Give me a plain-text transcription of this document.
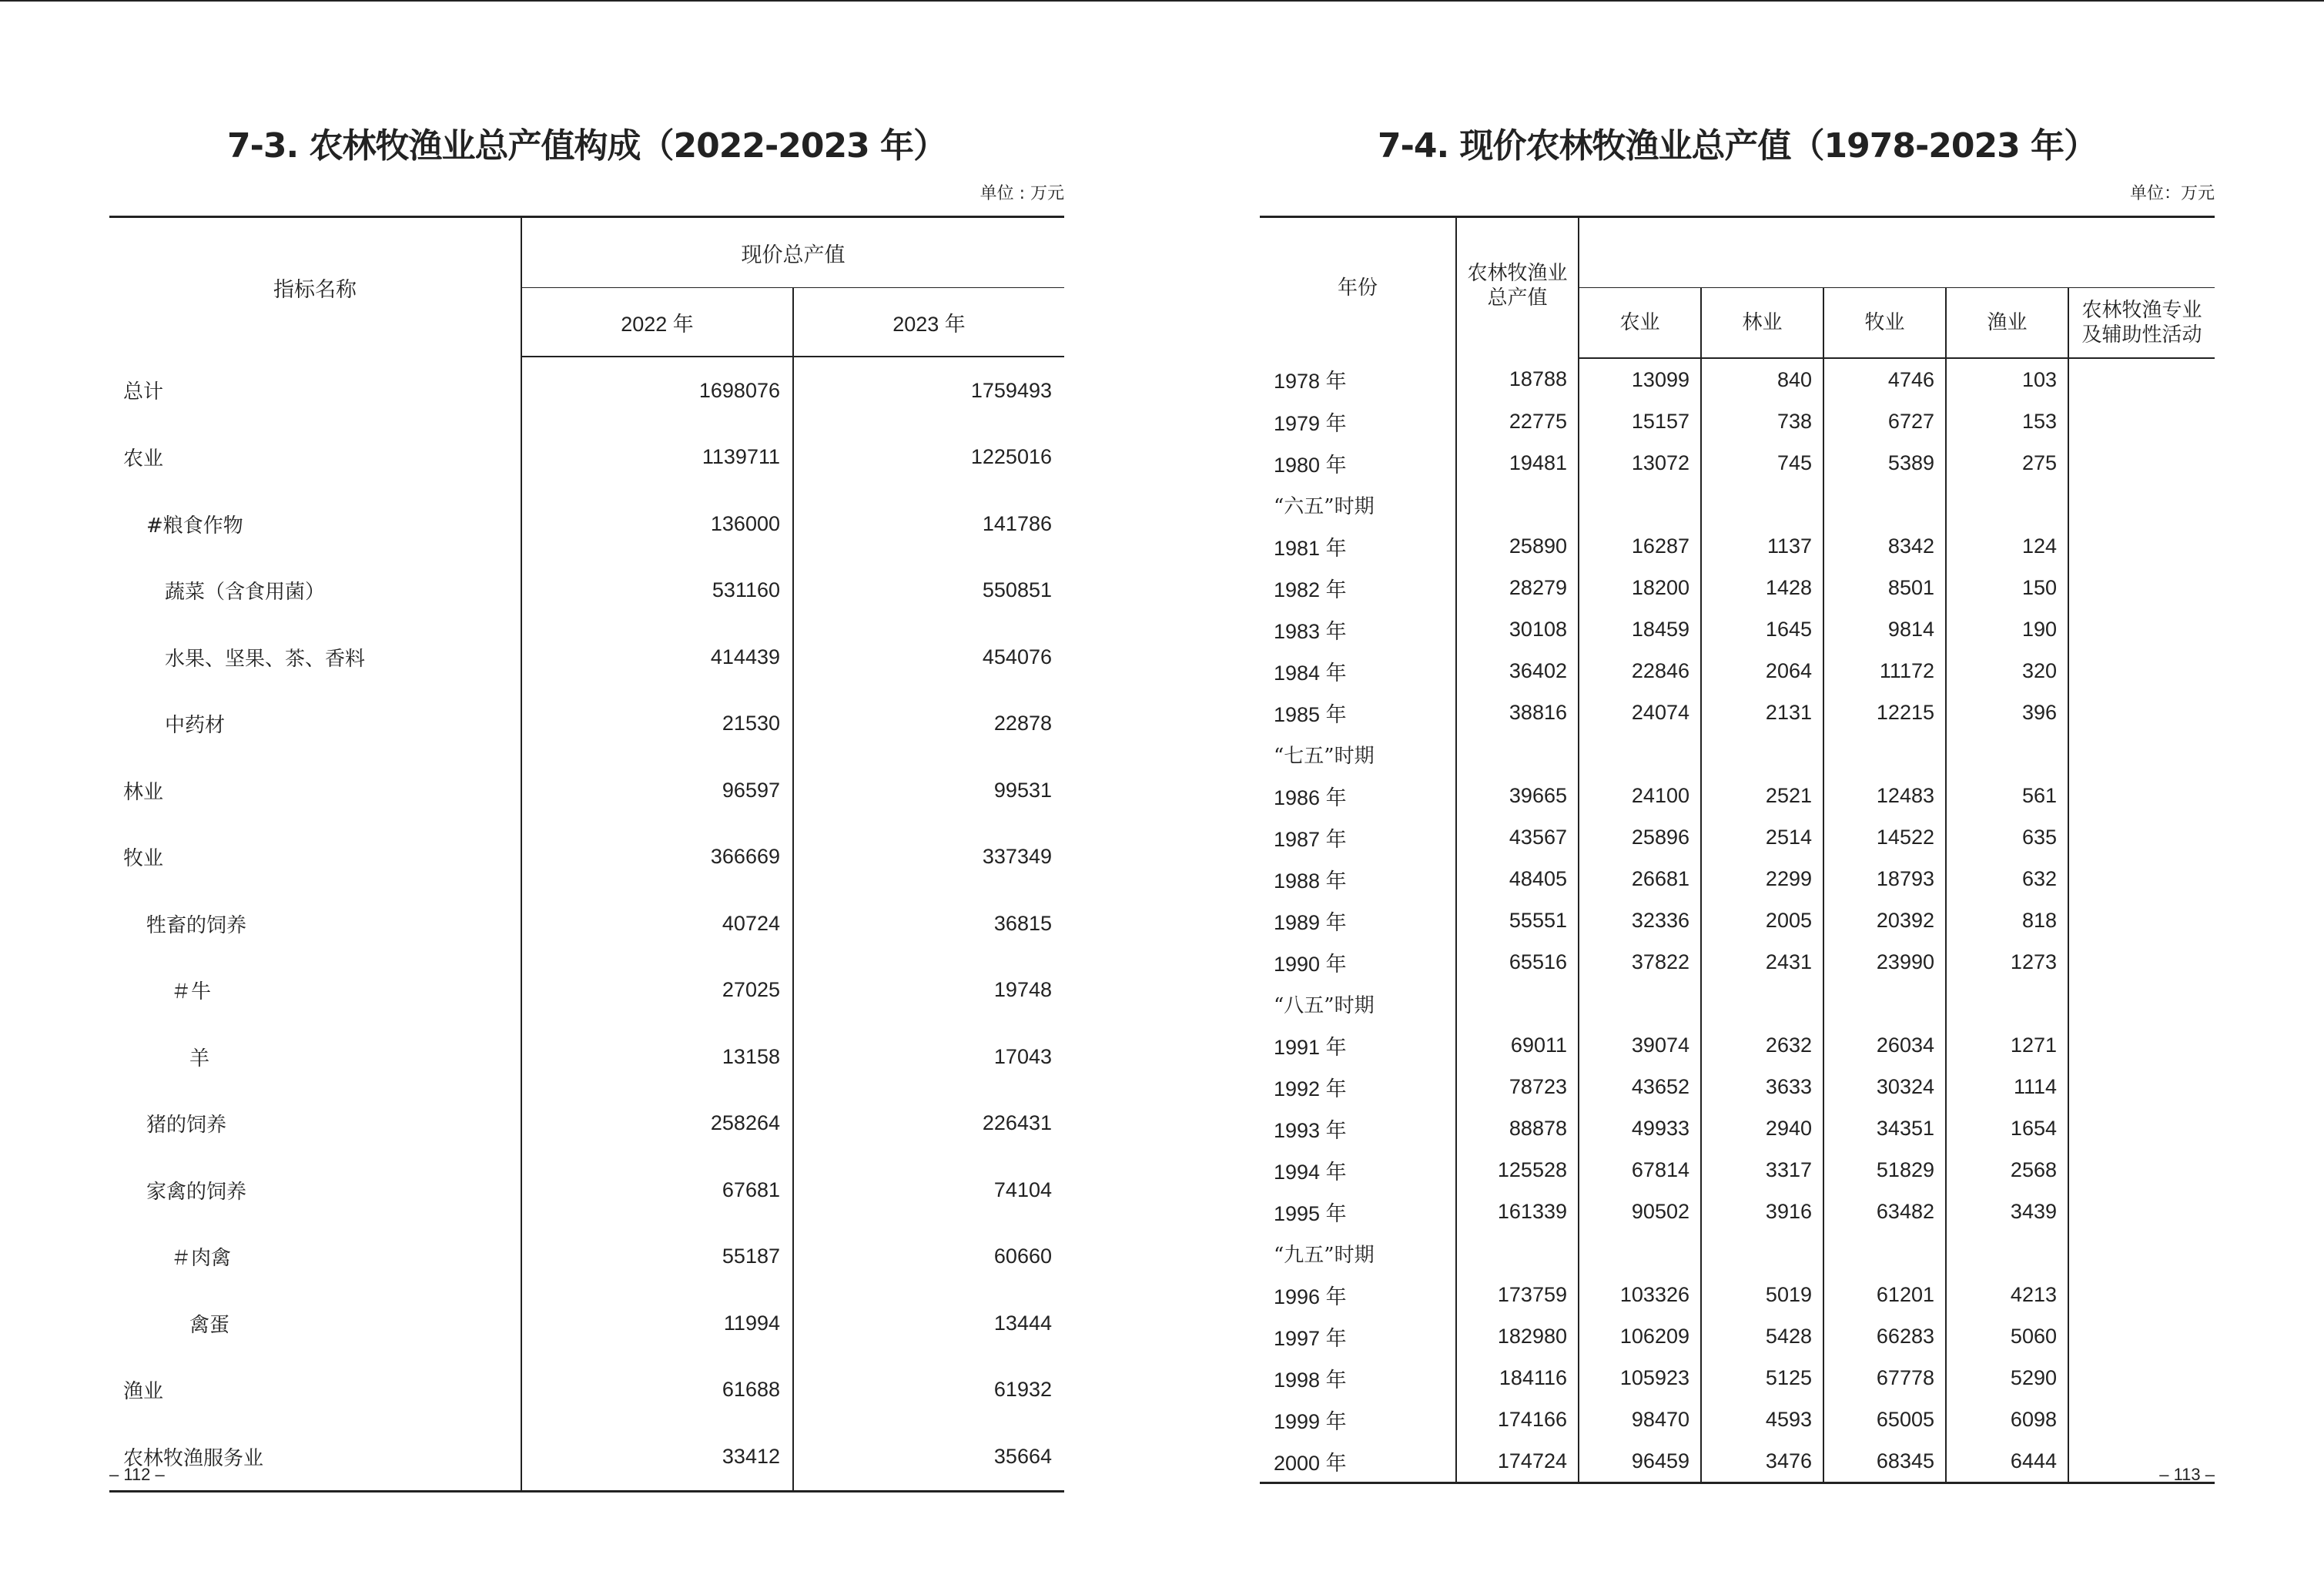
7-3. 农林牧渔业总产值构成（2022-2023 年）
单位 : 万元
指标名称	现价总产值	
	2022 年	2023 年
总计	1698076	1759493
农业	1139711	1225016
#粮食作物	136000	141786
蔬菜（含食用菌）	531160	550851
水果、坚果、茶、香料	414439	454076
中药材	21530	22878
林业	96597	99531
牧业	366669	337349
牲畜的饲养	40724	36815
＃牛	27025	19748
羊	13158	17043
猪的饲养	258264	226431
家禽的饲养	67681	74104
＃肉禽	55187	60660
禽蛋	11994	13444
渔业	61688	61932
农林牧渔服务业	33412	35664
– 112 –
7-4. 现价农林牧渔业总产值（1978-2023 年）
单位：万元
年份	农林牧渔业总产值					
		农业	林业	牧业	渔业	农林牧渔专业及辅助性活动
1978 年	18788	13099	840	4746	103	
1979 年	22775	15157	738	6727	153	
1980 年	19481	13072	745	5389	275	
“六五”时期						
1981 年	25890	16287	1137	8342	124	
1982 年	28279	18200	1428	8501	150	
1983 年	30108	18459	1645	9814	190	
1984 年	36402	22846	2064	11172	320	
1985 年	38816	24074	2131	12215	396	
“七五”时期						
1986 年	39665	24100	2521	12483	561	
1987 年	43567	25896	2514	14522	635	
1988 年	48405	26681	2299	18793	632	
1989 年	55551	32336	2005	20392	818	
1990 年	65516	37822	2431	23990	1273	
“八五”时期						
1991 年	69011	39074	2632	26034	1271	
1992 年	78723	43652	3633	30324	1114	
1993 年	88878	49933	2940	34351	1654	
1994 年	125528	67814	3317	51829	2568	
1995 年	161339	90502	3916	63482	3439	
“九五”时期						
1996 年	173759	103326	5019	61201	4213	
1997 年	182980	106209	5428	66283	5060	
1998 年	184116	105923	5125	67778	5290	
1999 年	174166	98470	4593	65005	6098	
2000 年	174724	96459	3476	68345	6444	
– 113 –
